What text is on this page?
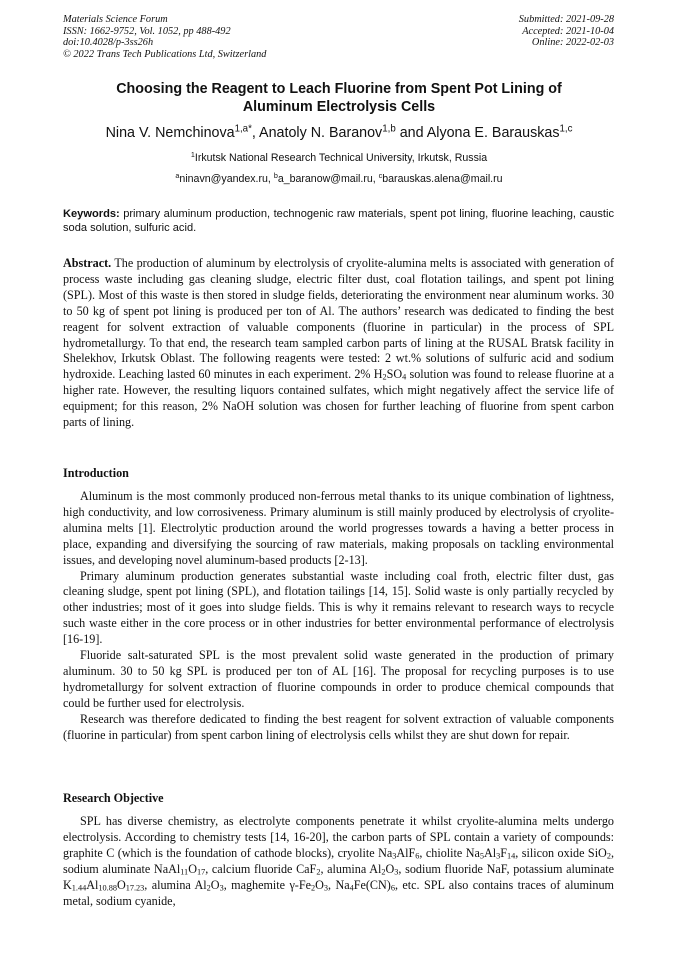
Materials Science Forum
ISSN: 1662-9752, Vol. 1052, pp 488-492
doi:10.4028/p-3ss26h
© 2022 Trans Tech Publications Ltd, Switzerland
Submitted: 2021-09-28
Accepted: 2021-10-04
Online: 2022-02-03
Choosing the Reagent to Leach Fluorine from Spent Pot Lining of
Aluminum Electrolysis Cells
Nina V. Nemchinova$^{1,a*}$, Anatoly N. Baranov$^{1,b}$ and Alyona E. Barauskas$^{1,c}$
$^1$Irkutsk National Research Technical University, Irkutsk, Russia
$^a$ninavn@yandex.ru, $^b$a_baranow@mail.ru, $^c$barauskas.alena@mail.ru
Keywords: primary aluminum production, technogenic raw materials, spent pot lining, fluorine leaching, caustic soda solution, sulfuric acid.

Abstract. The production of aluminum by electrolysis of cryolite-alumina melts is associated with generation of process waste including gas cleaning sludge, electric filter dust, coal flotation tailings, and spent pot lining (SPL). Most of this waste is then stored in sludge fields, deteriorating the environment near aluminum works. 30 to 50 kg of spent pot lining is produced per ton of Al. The authors’ research was dedicated to finding the best reagent for solvent extraction of valuable components (fluorine in particular) in the process of SPL hydrometallurgy. To that end, the research team sampled carbon parts of lining at the RUSAL Bratsk facility in Shelekhov, Irkutsk Oblast. The following reagents were tested: 2 wt.% solutions of sulfuric acid and sodium hydroxide. Leaching lasted 60 minutes in each experiment. 2% $H_2SO_4$ solution was found to release fluorine at a higher rate. However, the resulting liquors contained sulfates, which might negatively affect the service life of equipment; for this reason, 2% NaOH solution was chosen for further leaching of fluorine from spent carbon parts of lining.

Introduction

Aluminum is the most commonly produced non-ferrous metal thanks to its unique combination of lightness, high conductivity, and low corrosiveness. Primary aluminum is still mainly produced by electrolysis of cryolite-alumina melts [1]. Electrolytic production around the world progresses towards a having a better process in place, expanding and diversifying the sourcing of raw materials, making proposals on tackling environmental issues, and developing novel aluminum-based products [2-13].

Primary aluminum production generates substantial waste including coal froth, electric filter dust, gas cleaning sludge, spent pot lining (SPL), and flotation tailings [14, 15]. Solid waste is only partially recycled by other industries; most of it goes into sludge fields. This is why it remains relevant to research ways to recycle such waste either in the core process or in other industries for better environmental performance of electrolysis [16-19].

Fluoride salt-saturated SPL is the most prevalent solid waste generated in the production of primary aluminum. 30 to 50 kg SPL is produced per ton of AL [16]. The proposal for recycling purposes is to use hydrometallurgy for solvent extraction of fluorine compounds in order to produce chemical compounds that could be further used for electrolysis.

Research was therefore dedicated to finding the best reagent for solvent extraction of valuable components (fluorine in particular) from spent carbon lining of electrolysis cells whilst they are shut down for repair.

Research Objective

SPL has diverse chemistry, as electrolyte components penetrate it whilst cryolite-alumina melts undergo electrolysis. According to chemistry tests [14, 16-20], the carbon parts of SPL contain a variety of compounds: graphite C (which is the foundation of cathode blocks), cryolite $Na_3AlF_6$, chiolite $Na_5Al_3F_{14}$, silicon oxide SiO$_2$, sodium aluminate $NaAl_{11}O_{17}$, calcium fluoride CaF$_2$, alumina $Al_2O_3$, sodium fluoride NaF, potassium aluminate $K_{1.44}Al_{10.88}O_{17.23}$, alumina $Al_2O_3$, maghemite $\gamma-Fe_2O_3$, $Na_4Fe(CN)_6$, etc. SPL also contains traces of aluminum metal, sodium cyanide,
